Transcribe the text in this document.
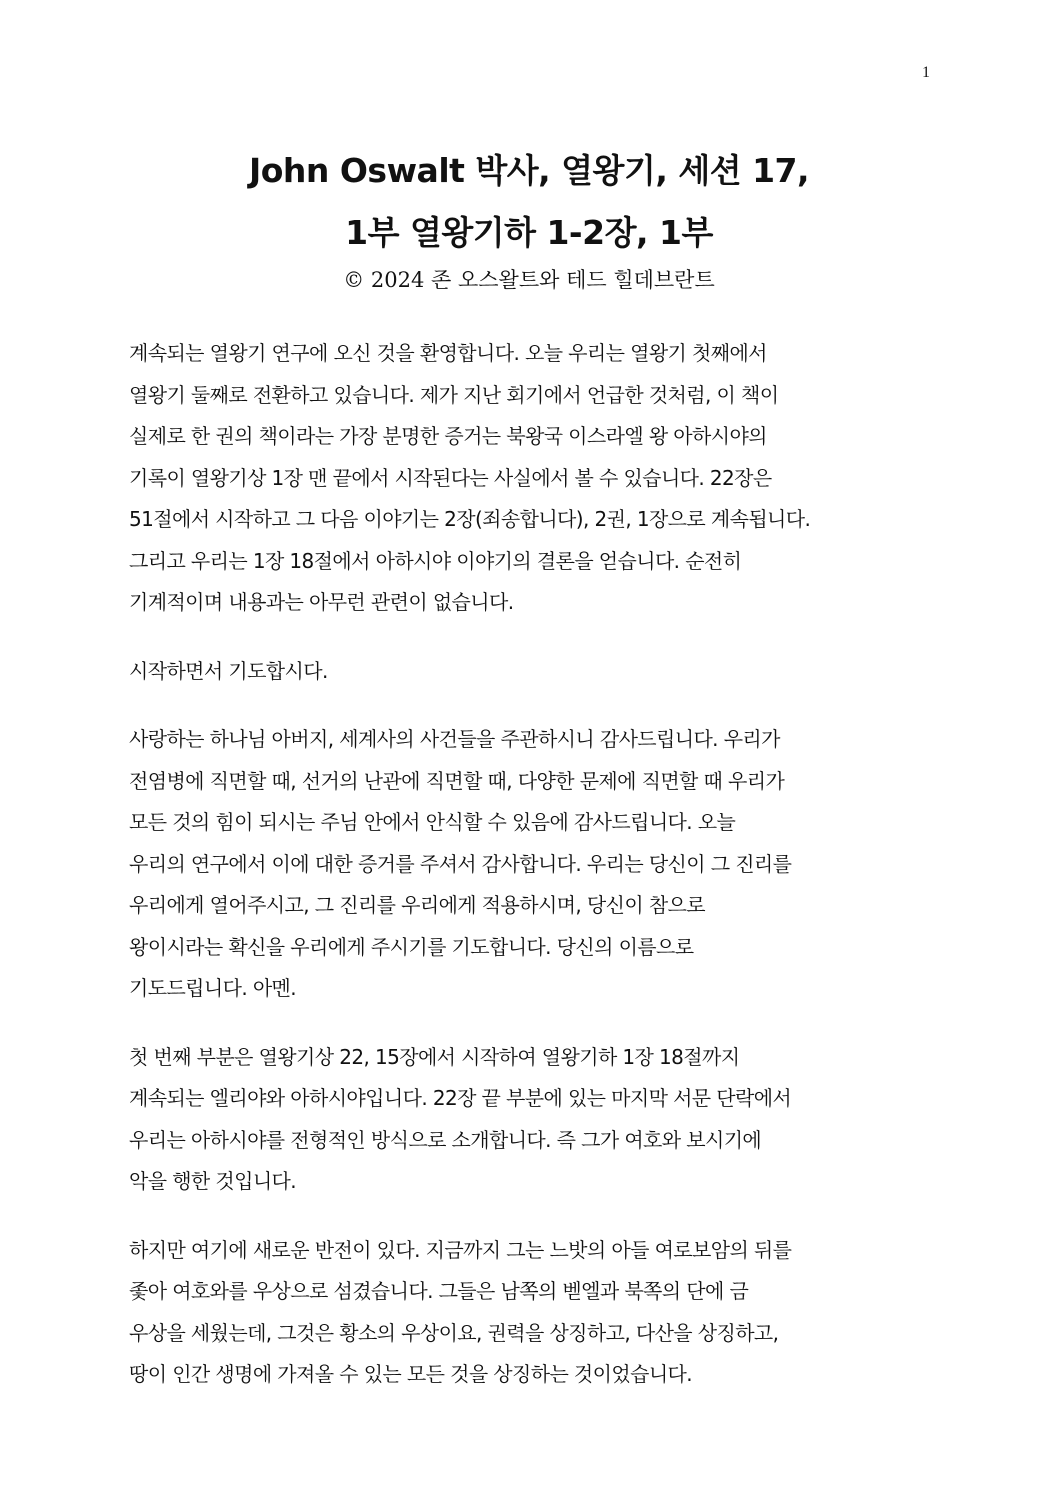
1
John Oswalt 박사, 열왕기, 세션 17,
1부 열왕기하 1-2장, 1부
© 2024 존 오스왈트와 테드 힐데브란트
계속되는 열왕기 연구에 오신 것을 환영합니다. 오늘 우리는 열왕기 첫째에서
열왕기 둘째로 전환하고 있습니다. 제가 지난 회기에서 언급한 것처럼, 이 책이
실제로 한 권의 책이라는 가장 분명한 증거는 북왕국 이스라엘 왕 아하시야의
기록이 열왕기상 1장 맨 끝에서 시작된다는 사실에서 볼 수 있습니다. 22장은
51절에서 시작하고 그 다음 이야기는 2장(죄송합니다), 2권, 1장으로 계속됩니다.
그리고 우리는 1장 18절에서 아하시야 이야기의 결론을 얻습니다. 순전히
기계적이며 내용과는 아무런 관련이 없습니다.
시작하면서 기도합시다.
사랑하는 하나님 아버지, 세계사의 사건들을 주관하시니 감사드립니다. 우리가
전염병에 직면할 때, 선거의 난관에 직면할 때, 다양한 문제에 직면할 때 우리가
모든 것의 힘이 되시는 주님 안에서 안식할 수 있음에 감사드립니다. 오늘
우리의 연구에서 이에 대한 증거를 주셔서 감사합니다. 우리는 당신이 그 진리를
우리에게 열어주시고, 그 진리를 우리에게 적용하시며, 당신이 참으로
왕이시라는 확신을 우리에게 주시기를 기도합니다. 당신의 이름으로
기도드립니다. 아멘.
첫 번째 부분은 열왕기상 22, 15장에서 시작하여 열왕기하 1장 18절까지
계속되는 엘리야와 아하시야입니다. 22장 끝 부분에 있는 마지막 서문 단락에서
우리는 아하시야를 전형적인 방식으로 소개합니다. 즉 그가 여호와 보시기에
악을 행한 것입니다.
하지만 여기에 새로운 반전이 있다. 지금까지 그는 느밧의 아들 여로보암의 뒤를
좇아 여호와를 우상으로 섬겼습니다. 그들은 남쪽의 벧엘과 북쪽의 단에 금
우상을 세웠는데, 그것은 황소의 우상이요, 권력을 상징하고, 다산을 상징하고,
땅이 인간 생명에 가져올 수 있는 모든 것을 상징하는 것이었습니다.
